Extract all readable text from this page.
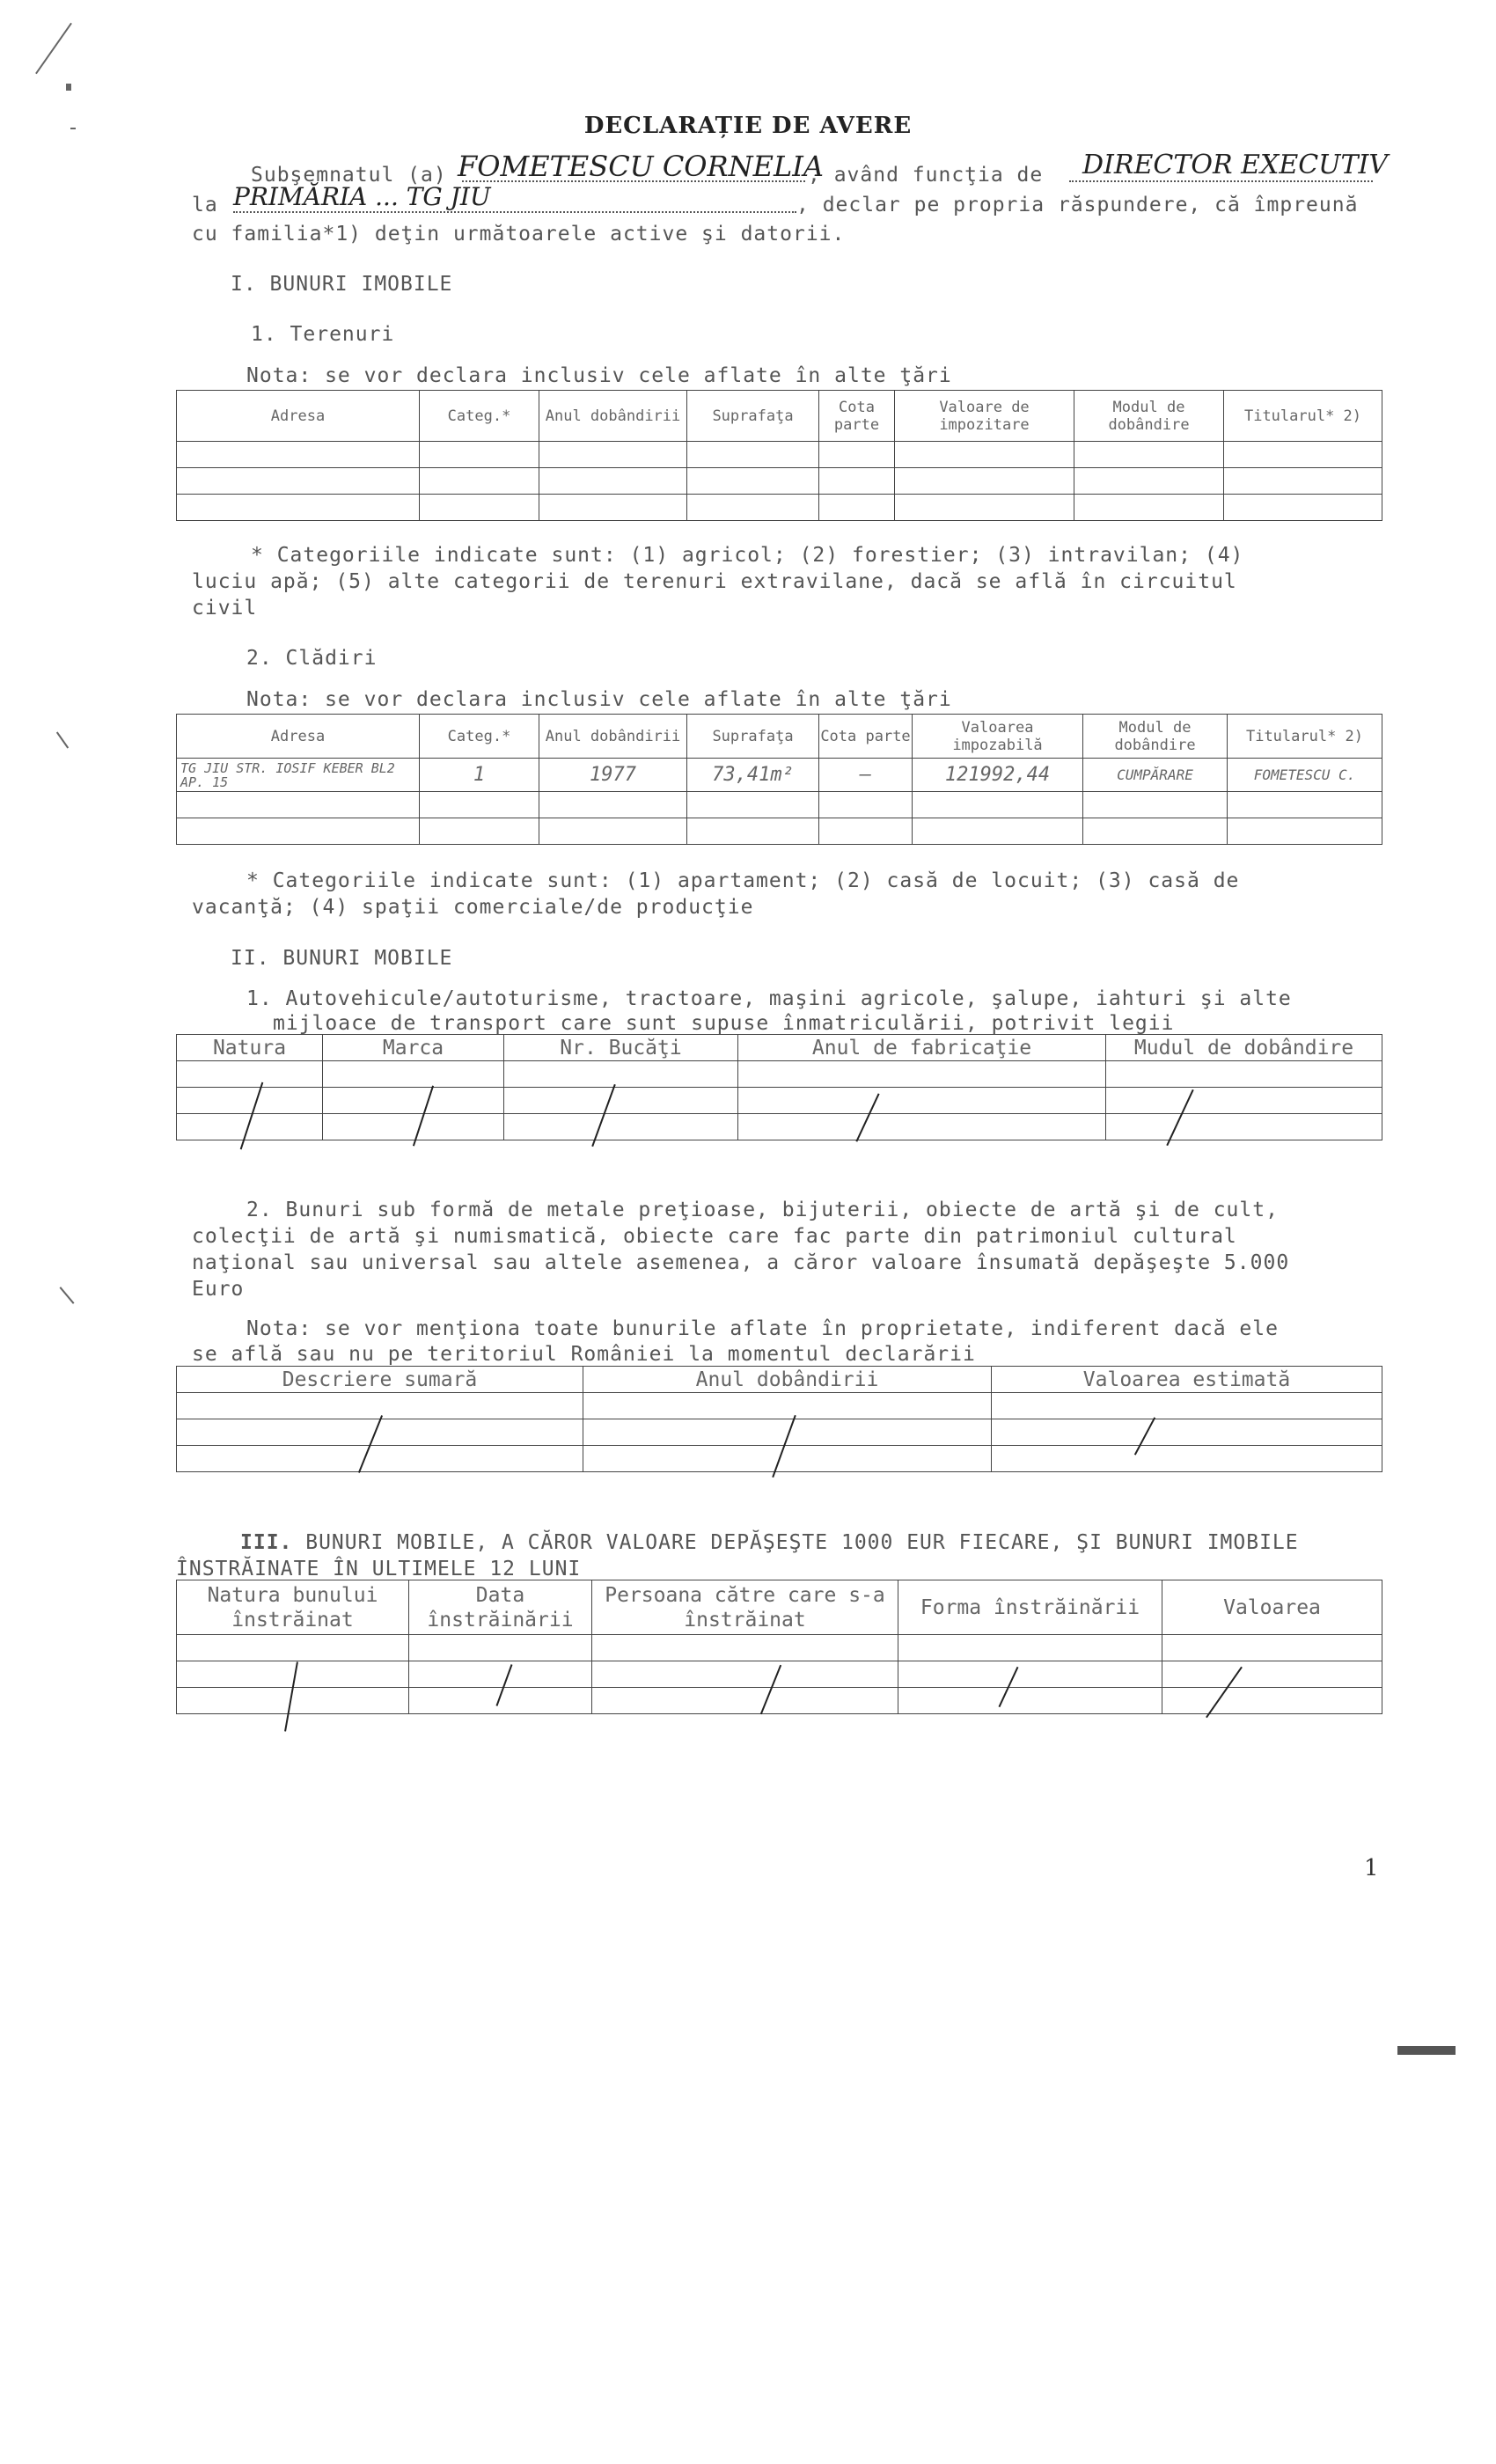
DECLARAȚIE DE AVERE
Subşemnatul (a) FOMETESCU CORNELIA
, având funcţia de DIRECTOR EXECUTIV
la PRIMĂRIA ... TG JIU	, declar pe propria răspundere, că împreună
cu familia*1) deţin următoarele active şi datorii.
I. BUNURI IMOBILE
1. Terenuri
Nota: se vor declara inclusiv cele aflate în alte ţări
Adresa	Categ.*	Anul dobândirii	Suprafaţa	Cota parte	Valoare de impozitare	Modul de dobândire	Titularul* 2)

* Categoriile indicate sunt: (1) agricol; (2) forestier; (3) intravilan; (4)
luciu apă; (5) alte categorii de terenuri extravilane, dacă se află în circuitul
civil
2. Clădiri
Nota: se vor declara inclusiv cele aflate în alte ţări
Adresa	Categ.*	Anul dobândirii	Suprafaţa	Cota parte	Valoarea impozabilă	Modul de dobândire	Titularul* 2)
TG JIU STR. IOSIF KEBER BL2 AP. 15	1	1977	73,41m²	–	121992,44	CUMPĂRARE	FOMETESCU C.

* Categoriile indicate sunt: (1) apartament; (2) casă de locuit; (3) casă de
vacanţă; (4) spaţii comerciale/de producţie
II. BUNURI MOBILE
1. Autovehicule/autoturisme, tractoare, maşini agricole, şalupe, iahturi şi alte
mijloace de transport care sunt supuse înmatriculării, potrivit legii
Natura	Marca	Nr. Bucăţi	Anul de fabricaţie	Mudul de dobândire

2. Bunuri sub formă de metale preţioase, bijuterii, obiecte de artă şi de cult,
colecţii de artă şi numismatică, obiecte care fac parte din patrimoniul cultural
naţional sau universal sau altele asemenea, a căror valoare însumată depăşeşte 5.000
Euro
Nota: se vor menţiona toate bunurile aflate în proprietate, indiferent dacă ele
se află sau nu pe teritoriul României la momentul declarării
Descriere sumară	Anul dobândirii	Valoarea estimată

III. BUNURI MOBILE, A CĂROR VALOARE DEPĂŞEŞTE 1000 EUR FIECARE, ŞI BUNURI IMOBILE
ÎNSTRĂINATE ÎN ULTIMELE 12 LUNI
Natura bunului înstrăinat	Data înstrăinării	Persoana către care s-a înstrăinat	Forma înstrăinării	Valoarea

1
